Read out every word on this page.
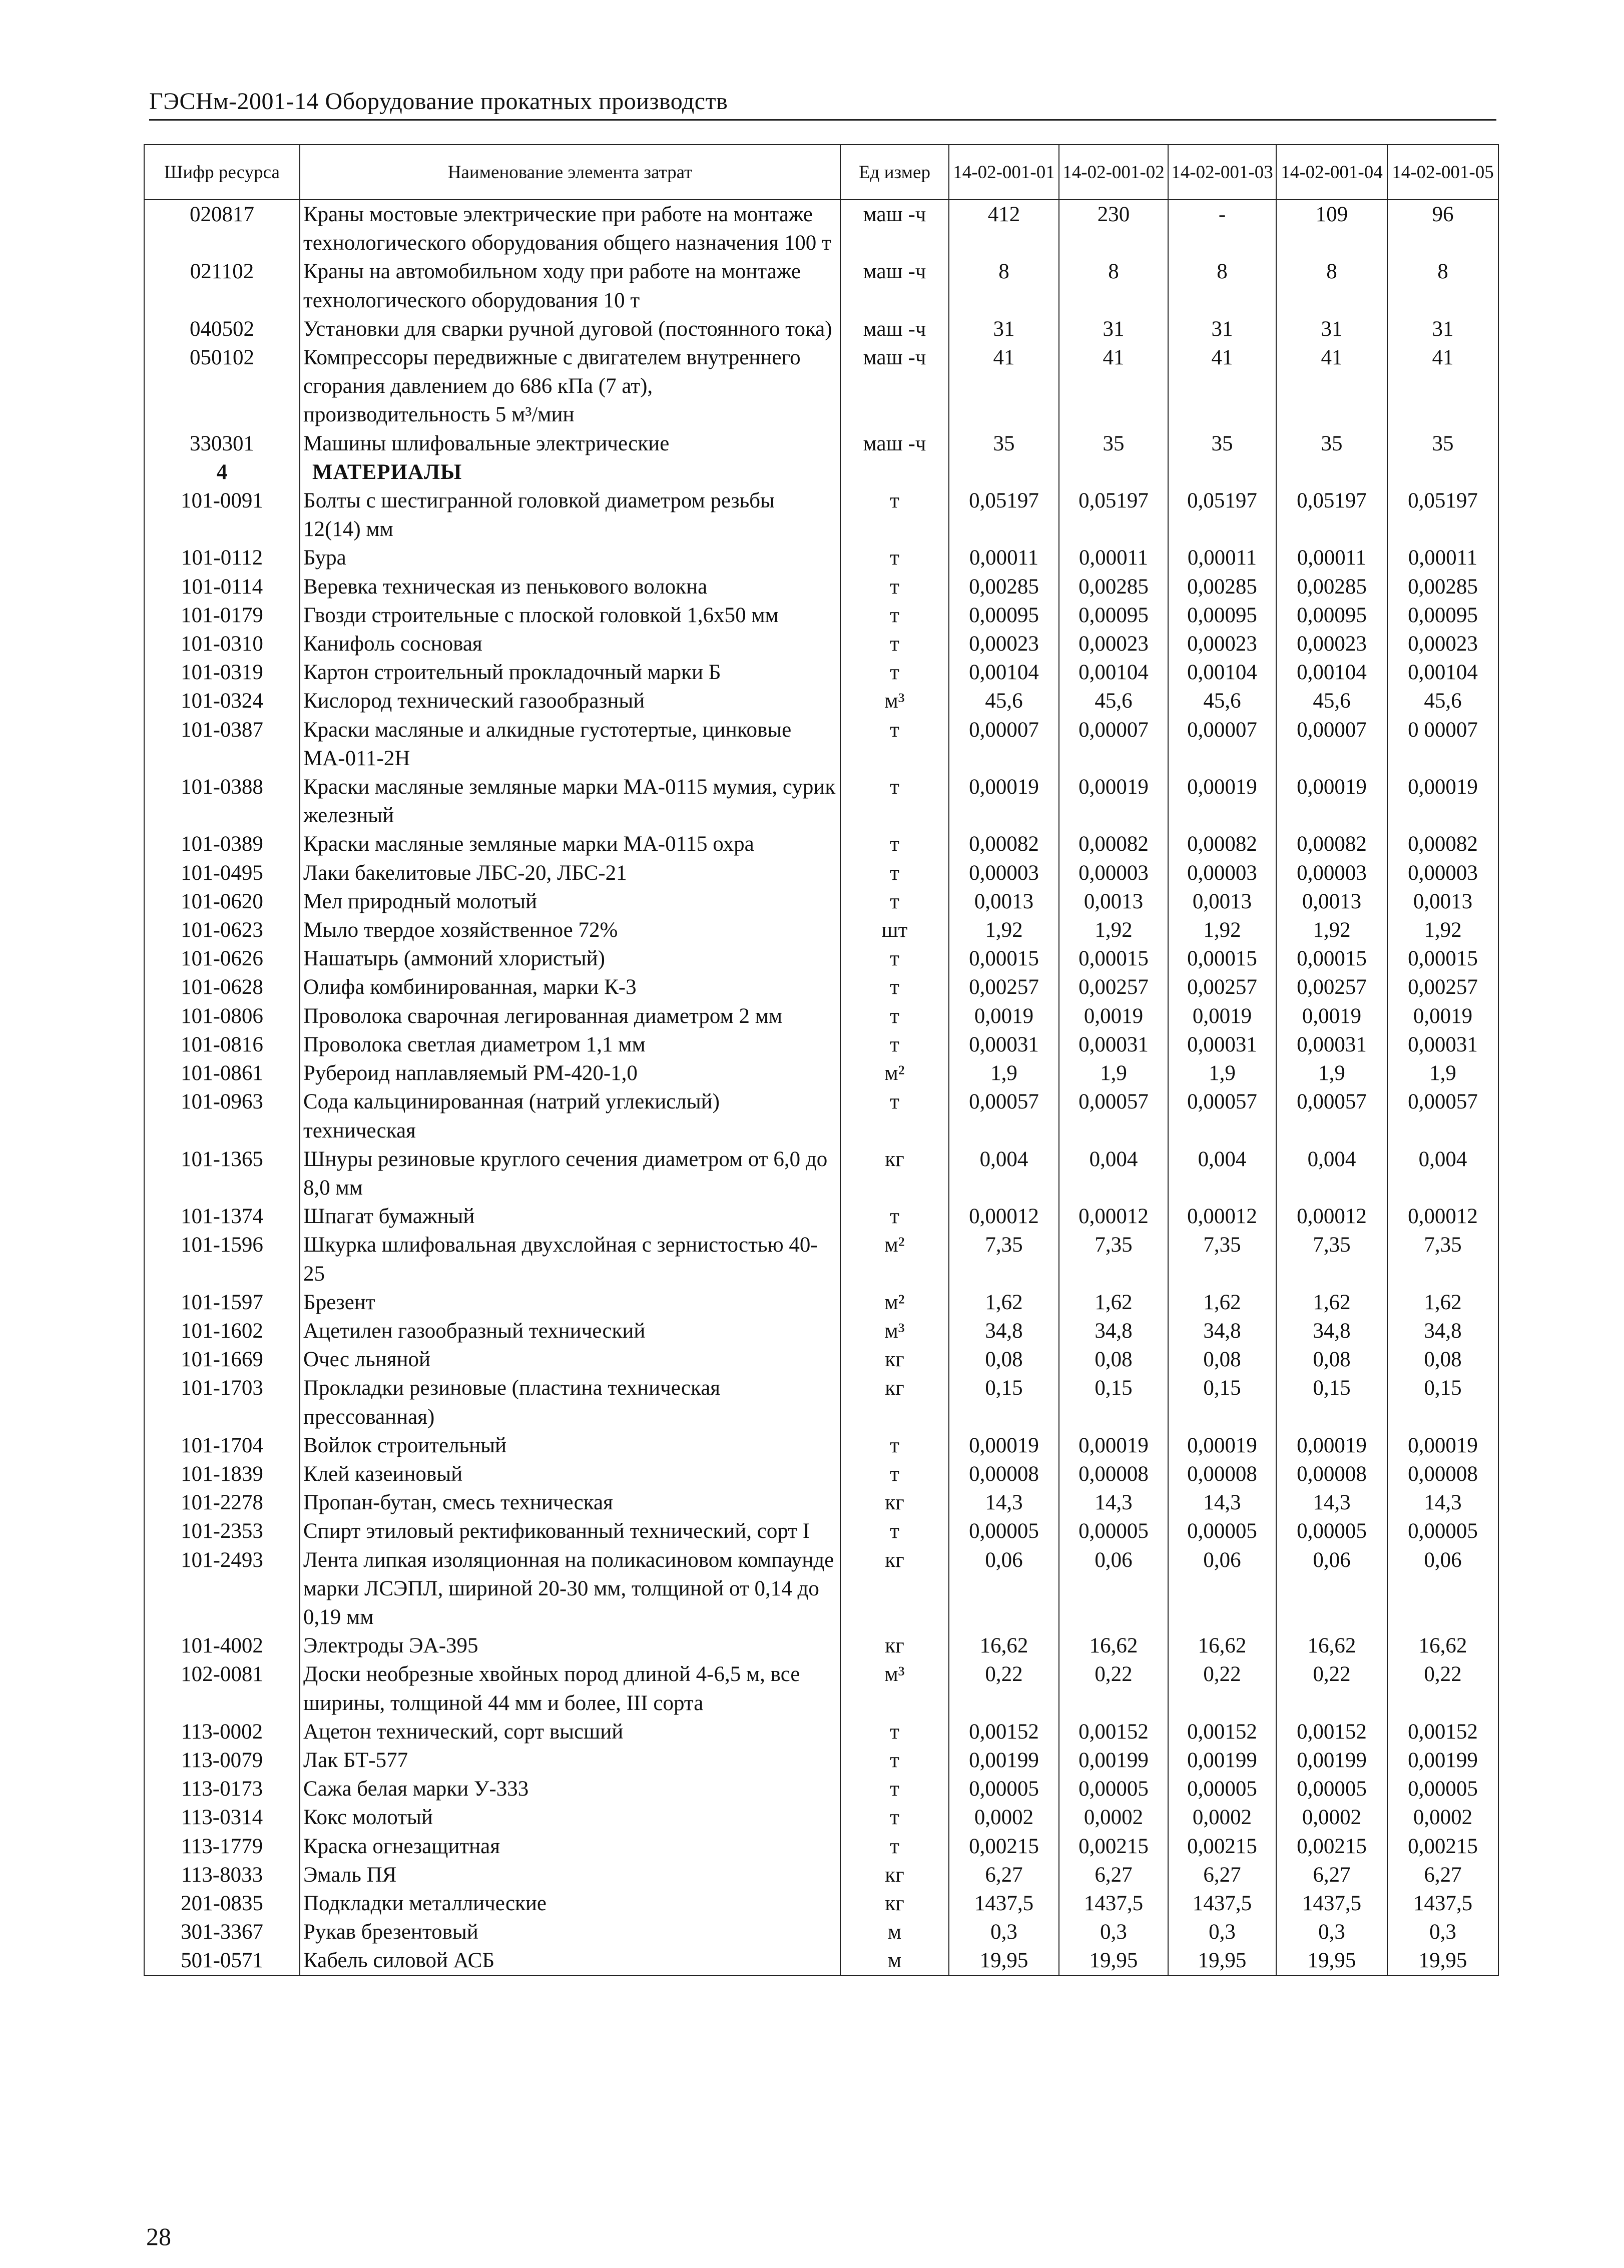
ГЭСНм-2001-14 Оборудование прокатных производств
Шифр ресурса	Наименование элемента затрат	Ед измер	14-02-001-01	14-02-001-02	14-02-001-03	14-02-001-04	14-02-001-05
020817	Краны мостовые электрические при работе на монтаже технологического оборудования общего назначения 100 т	маш -ч	412	230	-	109	96
021102	Краны на автомобильном ходу при работе на монтаже технологического оборудования 10 т	маш -ч	8	8	8	8	8
040502	Установки для сварки ручной дуговой (постоянного тока)	маш -ч	31	31	31	31	31
050102	Компрессоры передвижные с двигателем внутреннего сгорания давлением до 686 кПа (7 ат), производительность 5 м³/мин	маш -ч	41	41	41	41	41
330301	Машины шлифовальные электрические	маш -ч	35	35	35	35	35
4	МАТЕРИАЛЫ						
101-0091	Болты с шестигранной головкой диаметром резьбы 12(14) мм	т	0,05197	0,05197	0,05197	0,05197	0,05197
101-0112	Бура	т	0,00011	0,00011	0,00011	0,00011	0,00011
101-0114	Веревка техническая из пенькового волокна	т	0,00285	0,00285	0,00285	0,00285	0,00285
101-0179	Гвозди строительные с плоской головкой 1,6х50 мм	т	0,00095	0,00095	0,00095	0,00095	0,00095
101-0310	Канифоль сосновая	т	0,00023	0,00023	0,00023	0,00023	0,00023
101-0319	Картон строительный прокладочный марки Б	т	0,00104	0,00104	0,00104	0,00104	0,00104
101-0324	Кислород технический газообразный	м³	45,6	45,6	45,6	45,6	45,6
101-0387	Краски масляные и алкидные густотертые, цинковые МА-011-2Н	т	0,00007	0,00007	0,00007	0,00007	0 00007
101-0388	Краски масляные земляные марки МА-0115 мумия, сурик железный	т	0,00019	0,00019	0,00019	0,00019	0,00019
101-0389	Краски масляные земляные марки МА-0115 охра	т	0,00082	0,00082	0,00082	0,00082	0,00082
101-0495	Лаки бакелитовые ЛБС-20, ЛБС-21	т	0,00003	0,00003	0,00003	0,00003	0,00003
101-0620	Мел природный молотый	т	0,0013	0,0013	0,0013	0,0013	0,0013
101-0623	Мыло твердое хозяйственное 72%	шт	1,92	1,92	1,92	1,92	1,92
101-0626	Нашатырь (аммоний хлористый)	т	0,00015	0,00015	0,00015	0,00015	0,00015
101-0628	Олифа комбинированная, марки К-3	т	0,00257	0,00257	0,00257	0,00257	0,00257
101-0806	Проволока сварочная легированная диаметром 2 мм	т	0,0019	0,0019	0,0019	0,0019	0,0019
101-0816	Проволока светлая диаметром 1,1 мм	т	0,00031	0,00031	0,00031	0,00031	0,00031
101-0861	Рубероид наплавляемый РМ-420-1,0	м²	1,9	1,9	1,9	1,9	1,9
101-0963	Сода кальцинированная (натрий углекислый) техническая	т	0,00057	0,00057	0,00057	0,00057	0,00057
101-1365	Шнуры резиновые круглого сечения диаметром от 6,0 до 8,0 мм	кг	0,004	0,004	0,004	0,004	0,004
101-1374	Шпагат бумажный	т	0,00012	0,00012	0,00012	0,00012	0,00012
101-1596	Шкурка шлифовальная двухслойная с зернистостью 40-25	м²	7,35	7,35	7,35	7,35	7,35
101-1597	Брезент	м²	1,62	1,62	1,62	1,62	1,62
101-1602	Ацетилен газообразный технический	м³	34,8	34,8	34,8	34,8	34,8
101-1669	Очес льняной	кг	0,08	0,08	0,08	0,08	0,08
101-1703	Прокладки резиновые (пластина техническая прессованная)	кг	0,15	0,15	0,15	0,15	0,15
101-1704	Войлок строительный	т	0,00019	0,00019	0,00019	0,00019	0,00019
101-1839	Клей казеиновый	т	0,00008	0,00008	0,00008	0,00008	0,00008
101-2278	Пропан-бутан, смесь техническая	кг	14,3	14,3	14,3	14,3	14,3
101-2353	Спирт этиловый ректификованный технический, сорт I	т	0,00005	0,00005	0,00005	0,00005	0,00005
101-2493	Лента липкая изоляционная на поликасиновом компаунде марки ЛСЭПЛ, шириной 20-30 мм, толщиной от 0,14 до 0,19 мм	кг	0,06	0,06	0,06	0,06	0,06
101-4002	Электроды ЭА-395	кг	16,62	16,62	16,62	16,62	16,62
102-0081	Доски необрезные хвойных пород длиной 4-6,5 м, все ширины, толщиной 44 мм и более, III сорта	м³	0,22	0,22	0,22	0,22	0,22
113-0002	Ацетон технический, сорт высший	т	0,00152	0,00152	0,00152	0,00152	0,00152
113-0079	Лак БТ-577	т	0,00199	0,00199	0,00199	0,00199	0,00199
113-0173	Сажа белая марки У-333	т	0,00005	0,00005	0,00005	0,00005	0,00005
113-0314	Кокс молотый	т	0,0002	0,0002	0,0002	0,0002	0,0002
113-1779	Краска огнезащитная	т	0,00215	0,00215	0,00215	0,00215	0,00215
113-8033	Эмаль ПЯ	кг	6,27	6,27	6,27	6,27	6,27
201-0835	Подкладки металлические	кг	1437,5	1437,5	1437,5	1437,5	1437,5
301-3367	Рукав брезентовый	м	0,3	0,3	0,3	0,3	0,3
501-0571	Кабель силовой АСБ	м	19,95	19,95	19,95	19,95	19,95
28
